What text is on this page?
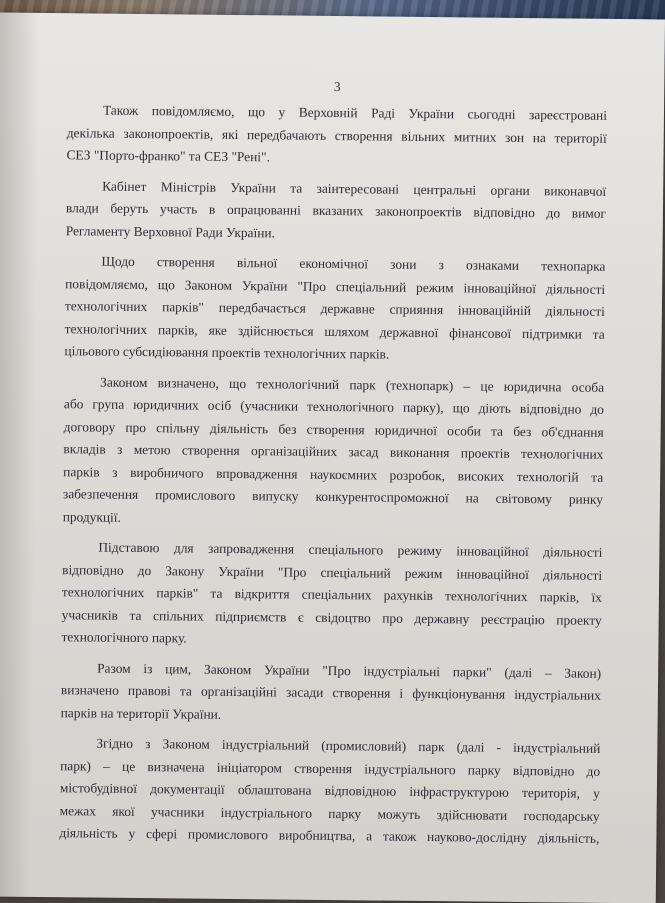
3
Також повідомляємо, що у Верховній Раді України сьогодні зареєстровані
декілька законопроектів, які передбачають створення вільних митних зон на території
СЕЗ "Порто-франко" та СЕЗ "Рені".
Кабінет Міністрів України та заінтересовані центральні органи виконавчої
влади беруть участь в опрацюванні вказаних законопроектів відповідно до вимог
Регламенту Верховної Ради України.
Щодо створення вільної економічної зони з ознаками технопарка
повідомляємо, що Законом України "Про спеціальний режим інноваційної діяльності
технологічних парків" передбачається державне сприяння інноваційній діяльності
технологічних парків, яке здійснюється шляхом державної фінансової підтримки та
цільового субсидіювання проектів технологічних парків.
Законом визначено, що технологічний парк (технопарк) – це юридична особа
або група юридичних осіб (учасники технологічного парку), що діють відповідно до
договору про спільну діяльність без створення юридичної особи та без об'єднання
вкладів з метою створення організаційних засад виконання проектів технологічних
парків з виробничого впровадження наукоємних розробок, високих технологій та
забезпечення промислового випуску конкурентоспроможної на світовому ринку
продукції.
Підставою для запровадження спеціального режиму інноваційної діяльності
відповідно до Закону України "Про спеціальний режим інноваційної діяльності
технологічних парків" та відкриття спеціальних рахунків технологічних парків, їх
учасників та спільних підприємств є свідоцтво про державну реєстрацію проекту
технологічного парку.
Разом із цим, Законом України "Про індустріальні парки" (далі – Закон)
визначено правові та організаційні засади створення і функціонування індустріальних
парків на території України.
Згідно з Законом індустріальний (промисловий) парк (далі - індустріальний
парк) – це визначена ініціатором створення індустріального парку відповідно до
містобудівної документації облаштована відповідною інфраструктурою територія, у
межах якої учасники індустріального парку можуть здійснювати господарську
діяльність у сфері промислового виробництва, а також науково-дослідну діяльність,
